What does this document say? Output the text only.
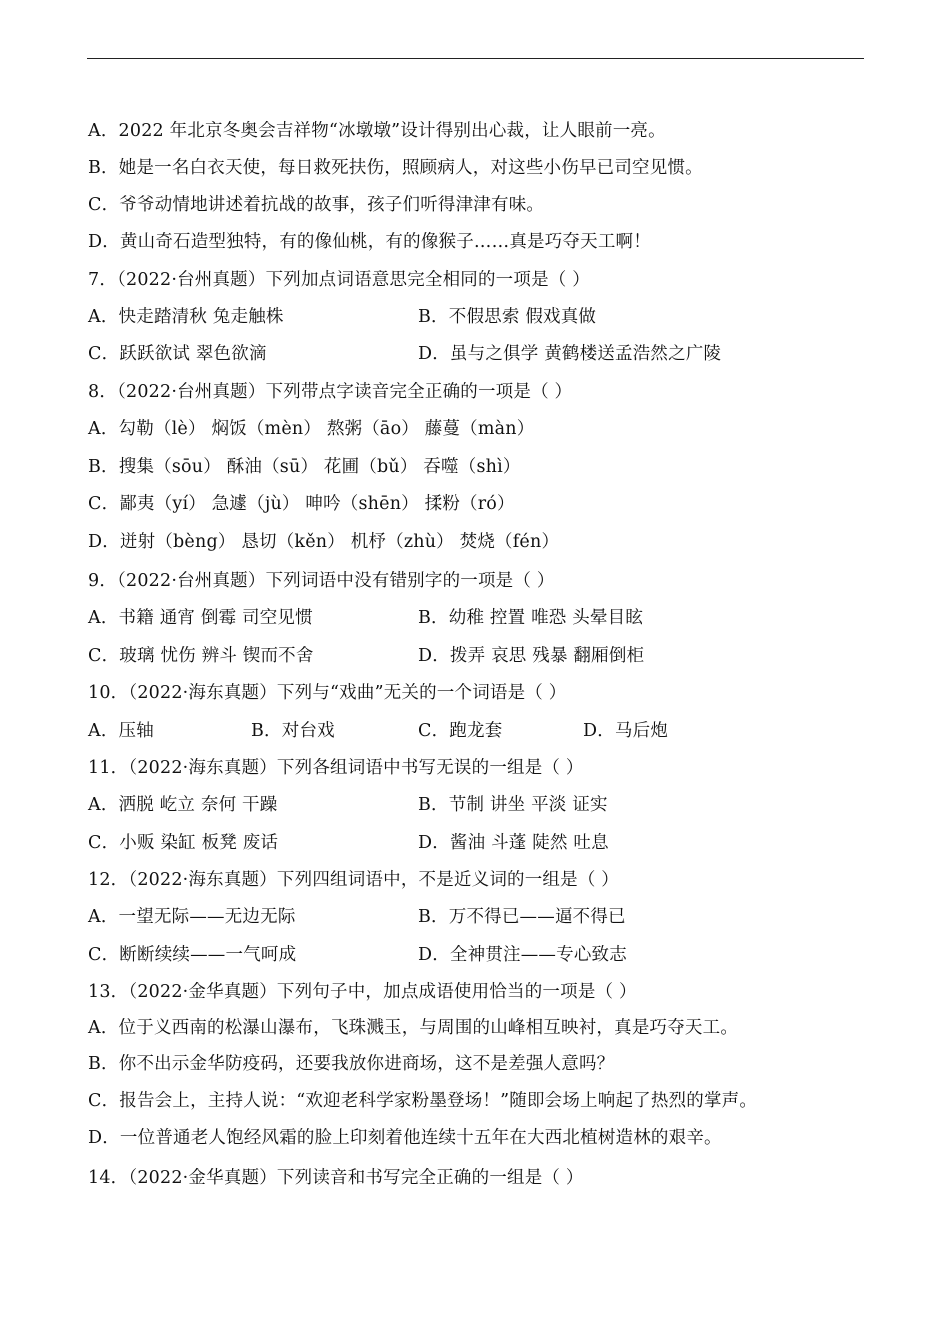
A．2022 年北京冬奥会吉祥物“冰墩墩”设计得别出心裁，让人眼前一亮。
B．她是一名白衣天使，每日救死扶伤，照顾病人，对这些小伤早已司空见惯。
C．爷爷动情地讲述着抗战的故事，孩子们听得津津有味。
D．黄山奇石造型独特，有的像仙桃，有的像猴子……真是巧夺天工啊！
7．（2022·台州真题）下列加点词语意思完全相同的一项是（ ）
A．快走踏清秋 兔走触株	B．不假思索 假戏真做
C．跃跃欲试 翠色欲滴	D．虽与之俱学 黄鹤楼送孟浩然之广陵
8．（2022·台州真题）下列带点字读音完全正确的一项是（ ）
A．勾勒（lè） 焖饭（mèn） 熬粥（āo） 藤蔓（màn）
B．搜集（sōu） 酥油（sū） 花圃（bǔ） 吞噬（shì）
C．鄙夷（yí） 急遽（jù） 呻吟（shēn） 揉粉（ró）
D．迸射（bèng） 恳切（kěn） 机杼（zhù） 焚烧（fén）
9．（2022·台州真题）下列词语中没有错别字的一项是（ ）
A．书籍 通宵 倒霉 司空见惯	B．幼稚 控置 唯恐 头晕目眩
C．玻璃 忧伤 辨斗 锲而不舍	D．拨弄 哀思 残暴 翻厢倒柜
10．（2022·海东真题）下列与“戏曲”无关的一个词语是（ ）
A．压轴	B．对台戏	C．跑龙套	D．马后炮
11．（2022·海东真题）下列各组词语中书写无误的一组是（ ）
A．洒脱 屹立 奈何 干躁	B．节制 讲坐 平淡 证实
C．小贩 染缸 板凳 废话	D．酱油 斗蓬 陡然 吐息
12．（2022·海东真题）下列四组词语中，不是近义词的一组是（ ）
A．一望无际——无边无际	B．万不得已——逼不得已
C．断断续续——一气呵成	D．全神贯注——专心致志
13．（2022·金华真题）下列句子中，加点成语使用恰当的一项是（ ）
A．位于义西南的松瀑山瀑布，飞珠溅玉，与周围的山峰相互映衬，真是巧夺天工。
B．你不出示金华防疫码，还要我放你进商场，这不是差强人意吗？
C．报告会上，主持人说：“欢迎老科学家粉墨登场！”随即会场上响起了热烈的掌声。
D．一位普通老人饱经风霜的脸上印刻着他连续十五年在大西北植树造林的艰辛。
14．（2022·金华真题）下列读音和书写完全正确的一组是（ ）
